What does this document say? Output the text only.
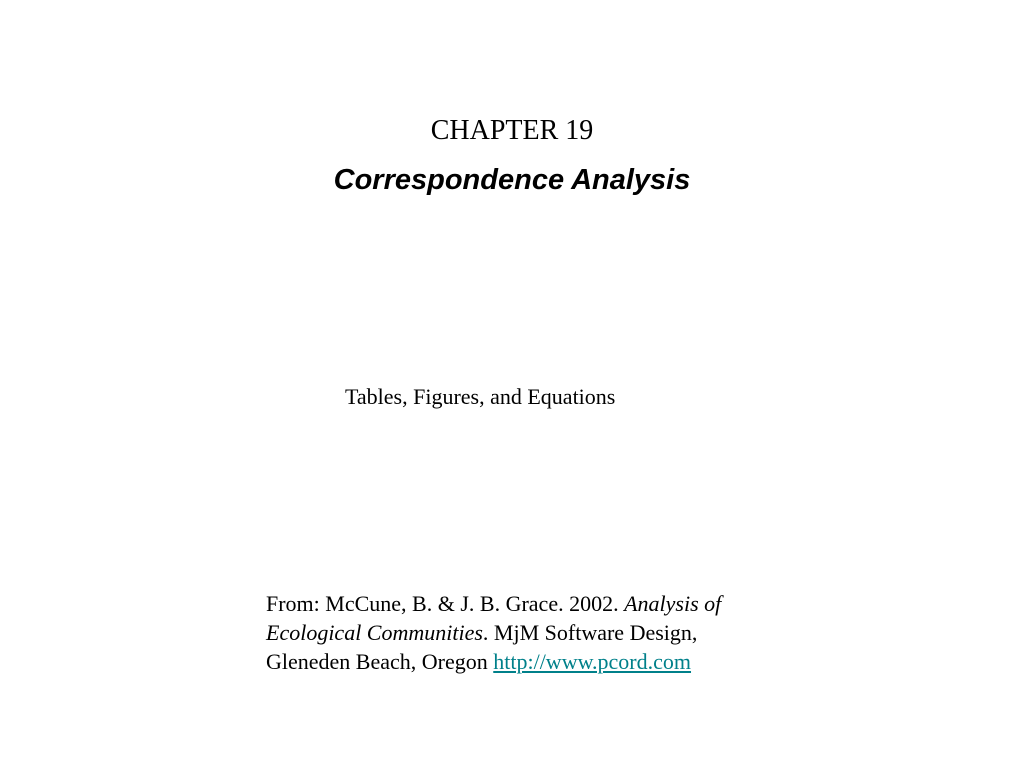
CHAPTER 19
Correspondence Analysis
Tables, Figures, and Equations
From: McCune, B. & J. B. Grace. 2002. Analysis of
Ecological Communities. MjM Software Design,
Gleneden Beach, Oregon http://www.pcord.com
